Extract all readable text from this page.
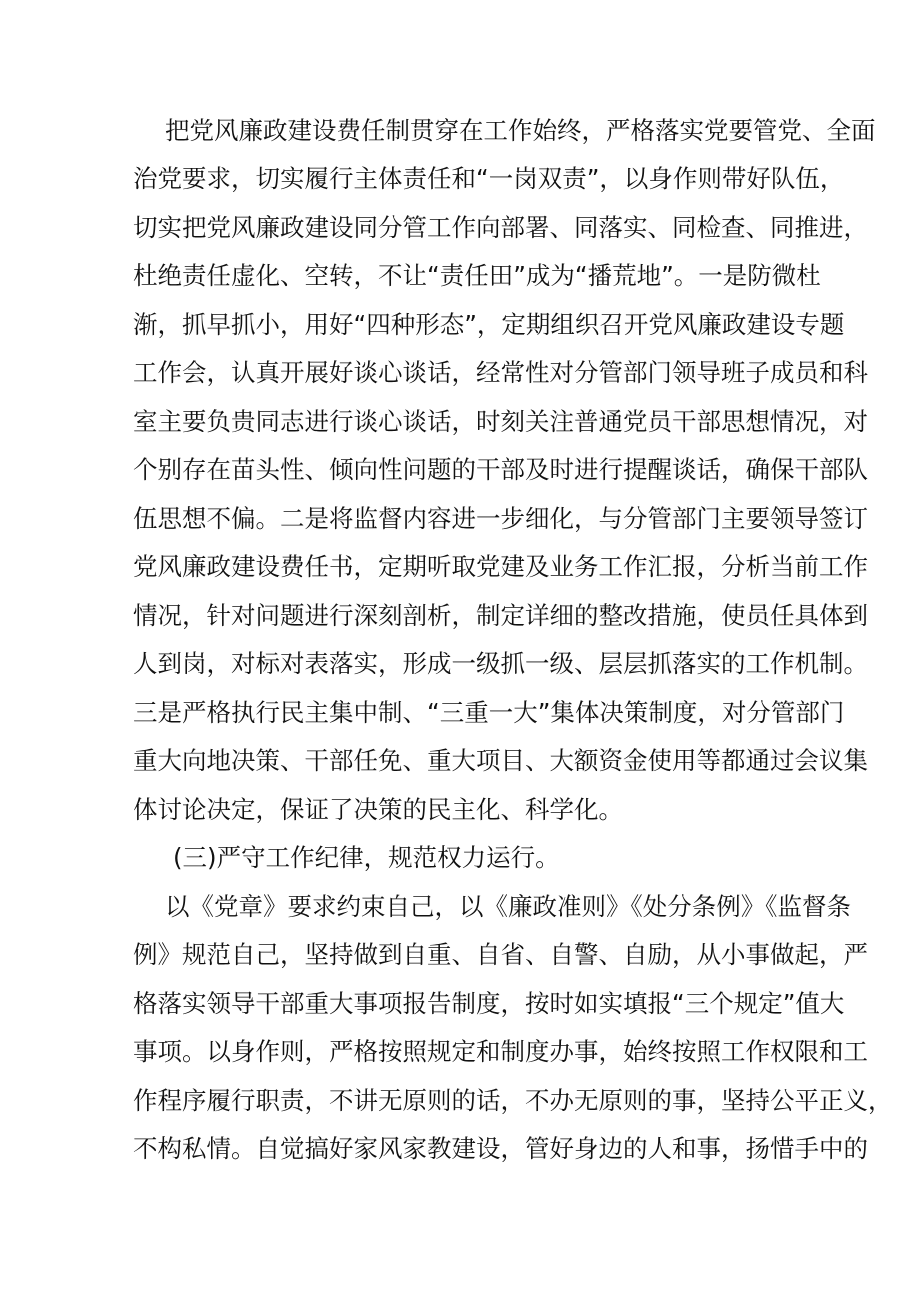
把党风廉政建设费任制贯穿在工作始终，严格落实党要管党、全面
治党要求，切实履行主体责任和“一岗双责”，以身作则带好队伍，
切实把党风廉政建设同分管工作向部署、同落实、同检查、同推进，
杜绝责任虚化、空转，不让“责任田”成为“播荒地”。一是防微杜
渐，抓早抓小，用好“四种形态”，定期组织召开党风廉政建设专题
工作会，认真开展好谈心谈话，经常性对分管部门领导班子成员和科
室主要负贵同志进行谈心谈话，时刻关注普通党员干部思想情况，对
个别存在苗头性、倾向性问题的干部及时进行提醒谈话，确保干部队
伍思想不偏。二是将监督内容进一步细化，与分管部门主要领导签订
党风廉政建设费任书，定期听取党建及业务工作汇报，分析当前工作
情况，针对问题进行深刻剖析，制定详细的整改措施，使员任具体到
人到岗，对标对表落实，形成一级抓一级、层层抓落实的工作机制。
三是严格执行民主集中制、“三重一大”集体决策制度，对分管部门
重大向地决策、干部任免、重大项目、大额资金使用等都通过会议集
体讨论决定，保证了决策的民主化、科学化。
(三)严守工作纪律，规范权力运行。
以《党章》要求约束自己，以《廉政准则》《处分条例》《监督条
例》规范自己，坚持做到自重、自省、自警、自励，从小事做起，严
格落实领导干部重大事项报告制度，按时如实填报“三个规定”值大
事项。以身作则，严格按照规定和制度办事，始终按照工作权限和工
作程序履行职责，不讲无原则的话，不办无原则的事，坚持公平正义，
不构私情。自觉搞好家风家教建设，管好身边的人和事，扬惜手中的
